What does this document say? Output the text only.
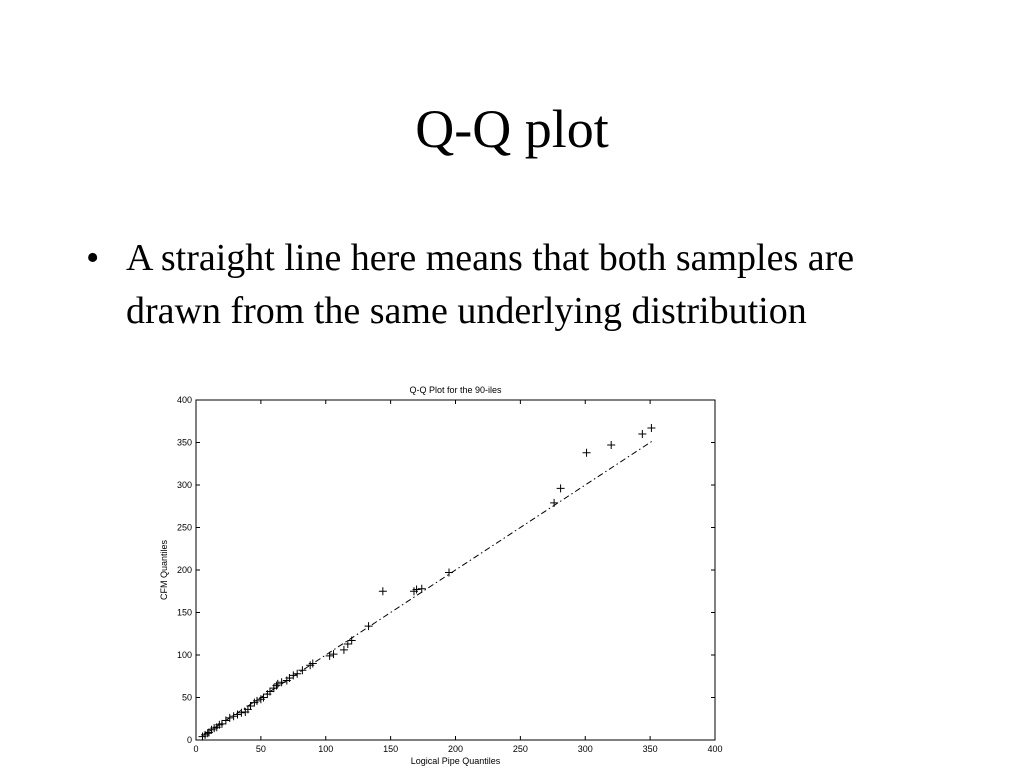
Q-Q plot
• A straight line here means that both samples are drawn from the same underlying distribution
Q-Q Plot for the 90-iles
0	50	100	150	200	250	300	350	400
0
50
100
150
200
250
300
350
400
Logical Pipe Quantiles
CFM Quantiles
